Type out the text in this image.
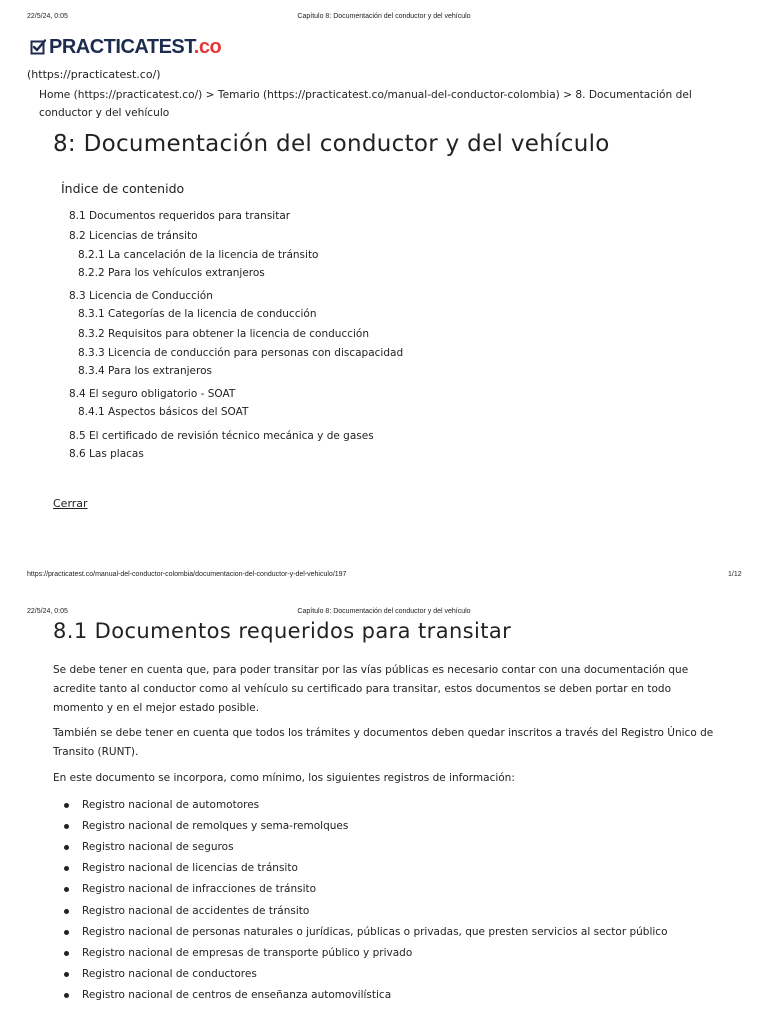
22/5/24, 0:05	Capítulo 8: Documentación del conductor y del vehículo
PRACTICATEST.co
(https://practicatest.co/)
Home (https://practicatest.co/) > Temario (https://practicatest.co/manual-del-conductor-colombia) > 8. Documentación del conductor y del vehículo
8: Documentación del conductor y del vehículo
Índice de contenido
8.1 Documentos requeridos para transitar
8.2 Licencias de tránsito
8.2.1 La cancelación de la licencia de tránsito
8.2.2 Para los vehículos extranjeros
8.3 Licencia de Conducción
8.3.1 Categorías de la licencia de conducción
8.3.2 Requisitos para obtener la licencia de conducción
8.3.3 Licencia de conducción para personas con discapacidad
8.3.4 Para los extranjeros
8.4 El seguro obligatorio - SOAT
8.4.1 Aspectos básicos del SOAT
8.5 El certificado de revisión técnico mecánica y de gases
8.6 Las placas
Cerrar
https://practicatest.co/manual-del-conductor-colombia/documentacion-del-conductor-y-del-vehiculo/197	1/12
22/5/24, 0:05	Capítulo 8: Documentación del conductor y del vehículo
8.1 Documentos requeridos para transitar

Se debe tener en cuenta que, para poder transitar por las vías públicas es necesario contar con una documentación que acredite tanto al conductor como al vehículo su certificado para transitar, estos documentos se deben portar en todo momento y en el mejor estado posible.

También se debe tener en cuenta que todos los trámites y documentos deben quedar inscritos a través del Registro Único de Transito (RUNT).

En este documento se incorpora, como mínimo, los siguientes registros de información:

Registro nacional de automotores
Registro nacional de remolques y sema-remolques
Registro nacional de seguros
Registro nacional de licencias de tránsito
Registro nacional de infracciones de tránsito
Registro nacional de accidentes de tránsito
Registro nacional de personas naturales o jurídicas, públicas o privadas, que presten servicios al sector público
Registro nacional de empresas de transporte público y privado
Registro nacional de conductores
Registro nacional de centros de enseñanza automovilística
